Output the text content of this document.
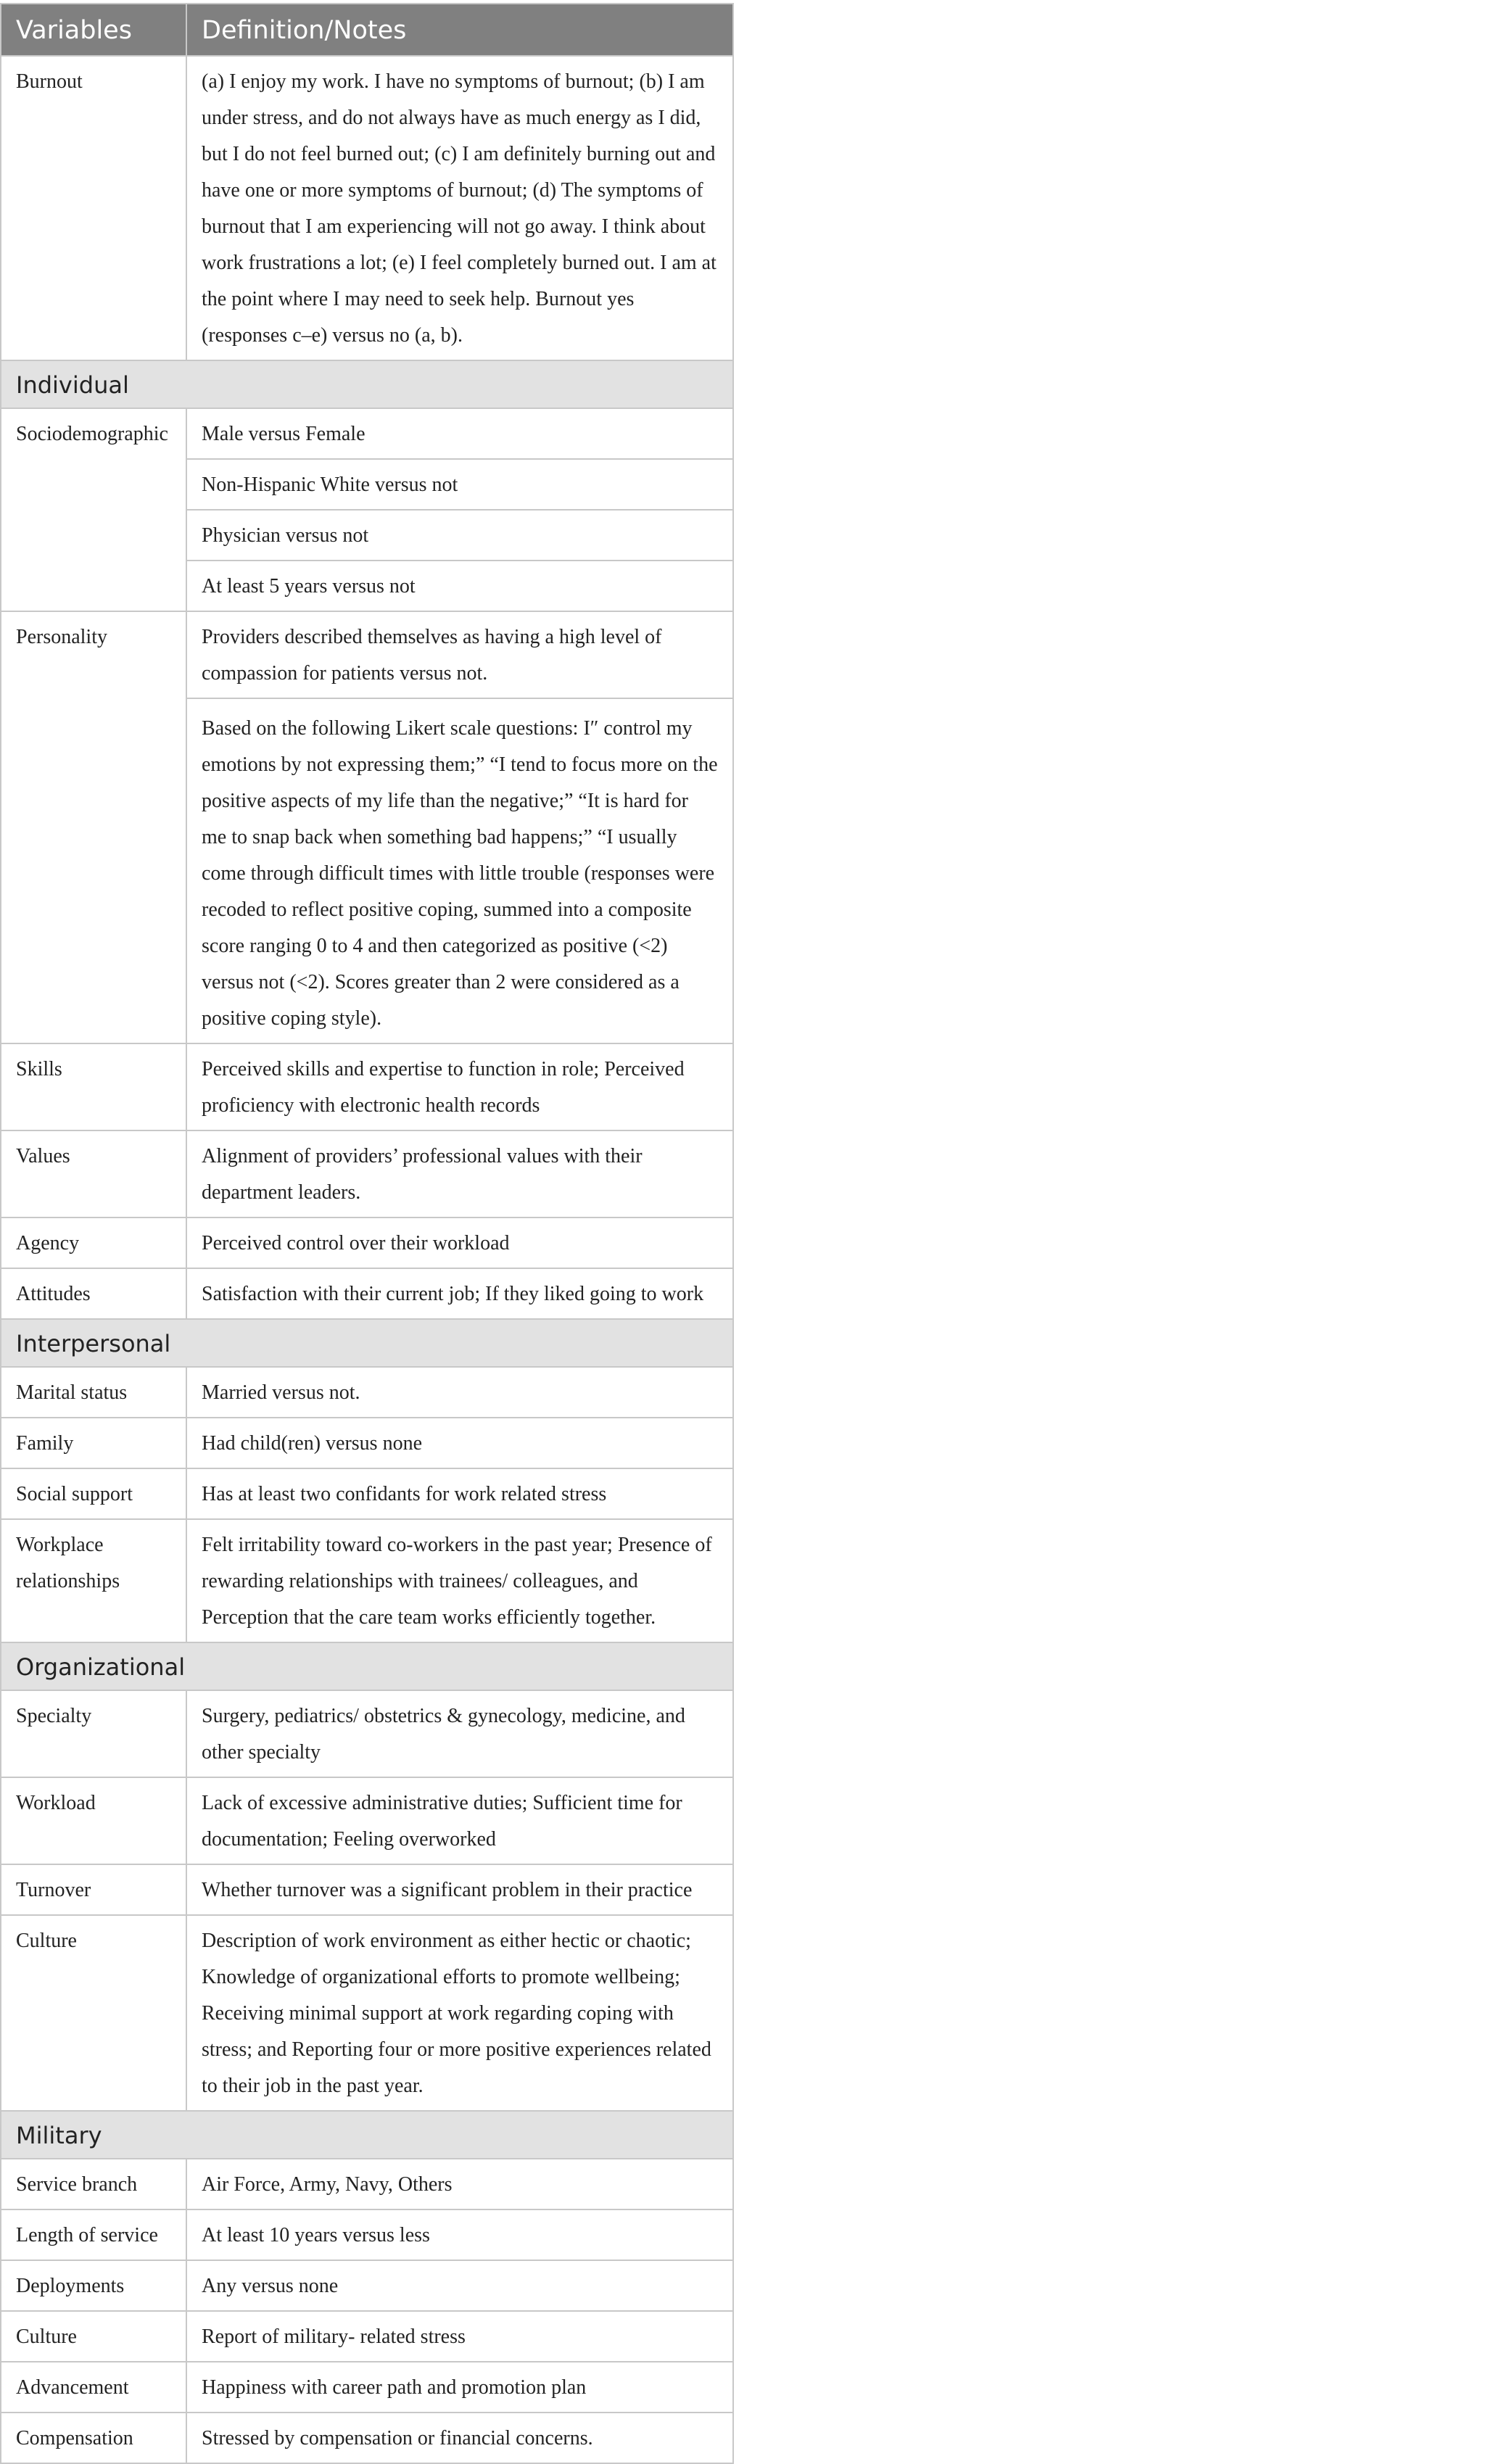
Variables	Definition/Notes
Burnout	(a) I enjoy my work. I have no symptoms of burnout; (b) I am under stress, and do not always have as much energy as I did, but I do not feel burned out; (c) I am definitely burning out and have one or more symptoms of burnout; (d) The symptoms of burnout that I am experiencing will not go away. I think about work frustrations a lot; (e) I feel completely burned out. I am at the point where I may need to seek help. Burnout yes (responses c–e) versus no (a, b).
Individual	
Sociodemographic	Male versus Female
	Non-Hispanic White versus not
	Physician versus not
	At least 5 years versus not
Personality	Providers described themselves as having a high level of compassion for patients versus not.
	Based on the following Likert scale questions: I″ control my emotions by not expressing them;” “I tend to focus more on the positive aspects of my life than the negative;” “It is hard for me to snap back when something bad happens;” “I usually come through difficult times with little trouble (responses were recoded to reflect positive coping, summed into a composite score ranging 0 to 4 and then categorized as positive (<2) versus not (<2). Scores greater than 2 were considered as a positive coping style).
Skills	Perceived skills and expertise to function in role; Perceived proficiency with electronic health records
Values	Alignment of providers’ professional values with their department leaders.
Agency	Perceived control over their workload
Attitudes	Satisfaction with their current job; If they liked going to work
Interpersonal	
Marital status	Married versus not.
Family	Had child(ren) versus none
Social support	Has at least two confidants for work related stress
Workplace relationships	Felt irritability toward co-workers in the past year; Presence of rewarding relationships with trainees/ colleagues, and Perception that the care team works efficiently together.
Organizational	
Specialty	Surgery, pediatrics/ obstetrics & gynecology, medicine, and other specialty
Workload	Lack of excessive administrative duties; Sufficient time for documentation; Feeling overworked
Turnover	Whether turnover was a significant problem in their practice
Culture	Description of work environment as either hectic or chaotic; Knowledge of organizational efforts to promote wellbeing; Receiving minimal support at work regarding coping with stress; and Reporting four or more positive experiences related to their job in the past year.
Military	
Service branch	Air Force, Army, Navy, Others
Length of service	At least 10 years versus less
Deployments	Any versus none
Culture	Report of military- related stress
Advancement	Happiness with career path and promotion plan
Compensation	Stressed by compensation or financial concerns.
